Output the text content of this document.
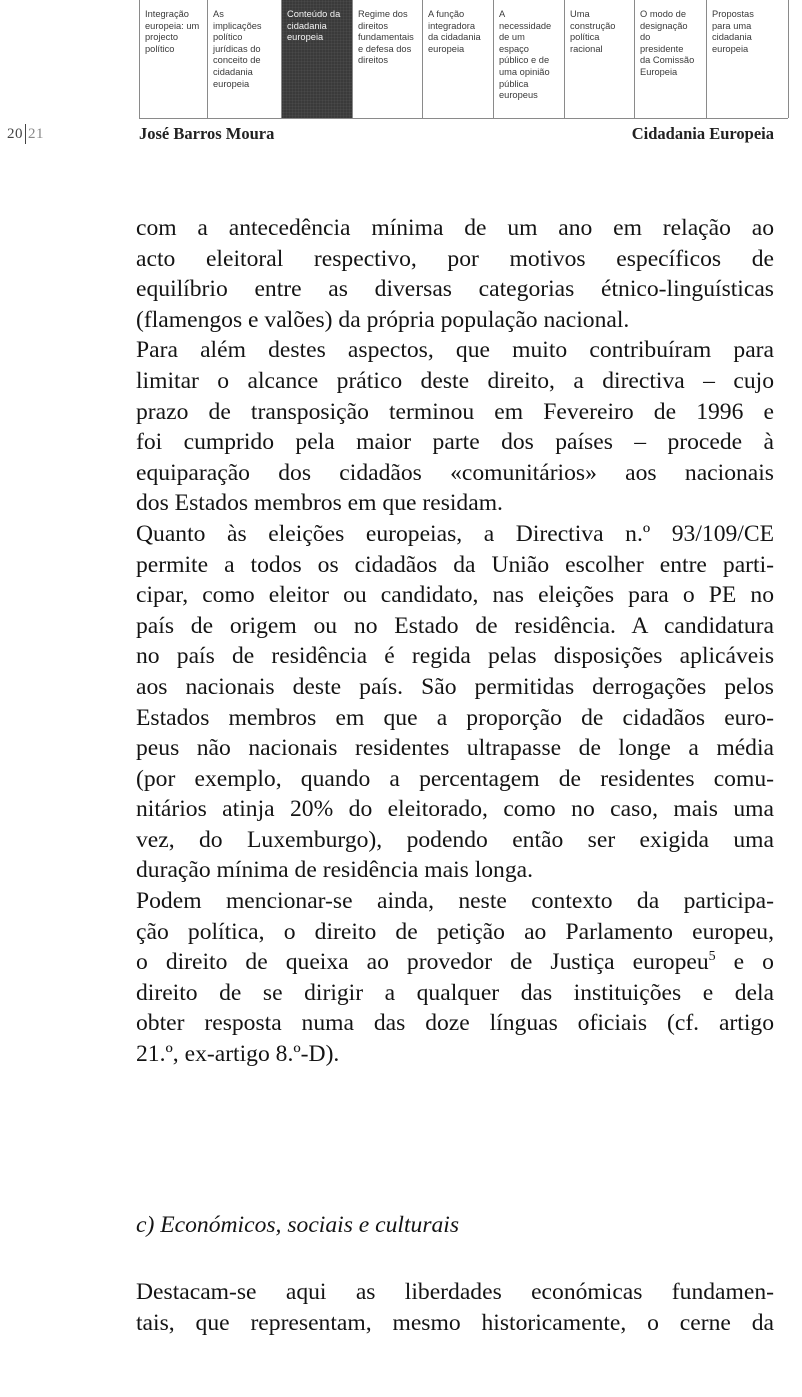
Integração
europeia: um
projecto
político
As
implicações
político
jurídicas do
conceito de
cidadania
europeia
Conteúdo da
cidadania
europeia
Regime dos
direitos
fundamentais
e defesa dos
direitos
A função
integradora
da cidadania
europeia
A
necessidade
de um
espaço
público e de
uma opinião
pública
europeus
Uma
construção
política
racional
O modo de
designação
do
presidente
da Comissão
Europeia
Propostas
para uma
cidadania
europeia
20 21	José Barros Moura	Cidadania Europeia
com a antecedência mínima de um ano em relação ao
acto eleitoral respectivo, por motivos específicos de
equilíbrio entre as diversas categorias étnico-linguísticas
(flamengos e valões) da própria população nacional.
Para além destes aspectos, que muito contribuíram para
limitar o alcance prático deste direito, a directiva – cujo
prazo de transposição terminou em Fevereiro de 1996 e
foi cumprido pela maior parte dos países – procede à
equiparação dos cidadãos «comunitários» aos nacionais
dos Estados membros em que residam.
Quanto às eleições europeias, a Directiva n.º 93/109/CE
permite a todos os cidadãos da União escolher entre parti-
cipar, como eleitor ou candidato, nas eleições para o PE no
país de origem ou no Estado de residência. A candidatura
no país de residência é regida pelas disposições aplicáveis
aos nacionais deste país. São permitidas derrogações pelos
Estados membros em que a proporção de cidadãos euro-
peus não nacionais residentes ultrapasse de longe a média
(por exemplo, quando a percentagem de residentes comu-
nitários atinja 20% do eleitorado, como no caso, mais uma
vez, do Luxemburgo), podendo então ser exigida uma
duração mínima de residência mais longa.
Podem mencionar-se ainda, neste contexto da participa-
ção política, o direito de petição ao Parlamento europeu,
o direito de queixa ao provedor de Justiça europeu$^5$ e o
direito de se dirigir a qualquer das instituições e dela
obter resposta numa das doze línguas oficiais (cf. artigo
21.º, ex-artigo 8.º-D).
c) Económicos, sociais e culturais
Destacam-se aqui as liberdades económicas fundamen-
tais, que representam, mesmo historicamente, o cerne da
